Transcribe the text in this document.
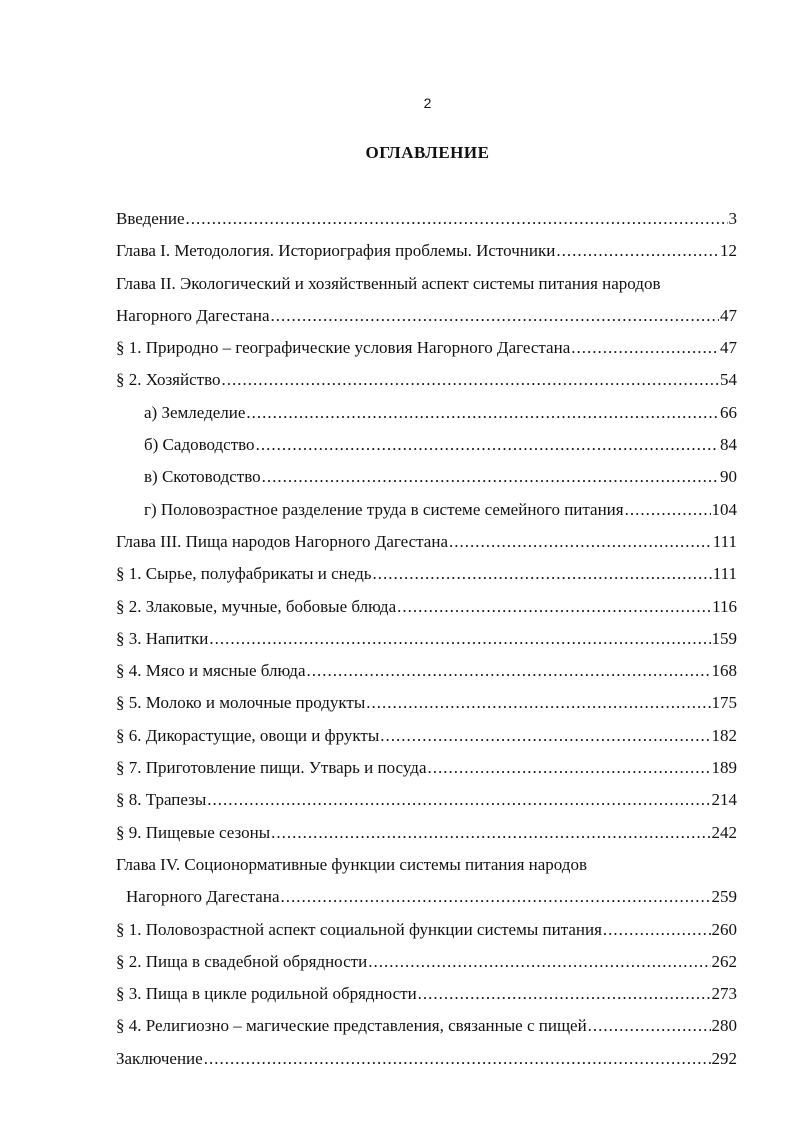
2
ОГЛАВЛЕНИЕ
Введение .....	3
Глава I. Методология. Историография проблемы. Источники .....	12
Глава II. Экологический и хозяйственный аспект системы питания народов
Нагорного Дагестана .....	47
§ 1. Природно – географические условия Нагорного Дагестана .....	47
§ 2. Хозяйство .....	54
а) Земледелие .....	66
б) Садоводство .....	84
в) Скотоводство .....	90
г) Половозрастное разделение труда в системе семейного питания .....	104
Глава III. Пища народов Нагорного Дагестана .....	111
§ 1. Сырье, полуфабрикаты и снедь .....	111
§ 2. Злаковые, мучные, бобовые блюда .....	116
§ 3. Напитки .....	159
§ 4. Мясо и мясные блюда .....	168
§ 5. Молоко и молочные продукты .....	175
§ 6. Дикорастущие, овощи и фрукты .....	182
§ 7. Приготовление пищи. Утварь и посуда .....	189
§ 8. Трапезы .....	214
§ 9. Пищевые сезоны .....	242
Глава IV. Соционормативные функции системы питания народов
Нагорного Дагестана .....	259
§ 1. Половозрастной аспект социальной функции системы питания .....	260
§ 2. Пища в свадебной обрядности .....	262
§ 3. Пища в цикле родильной обрядности .....	273
§ 4. Религиозно – магические представления, связанные с пищей .....	280
Заключение .....	292
